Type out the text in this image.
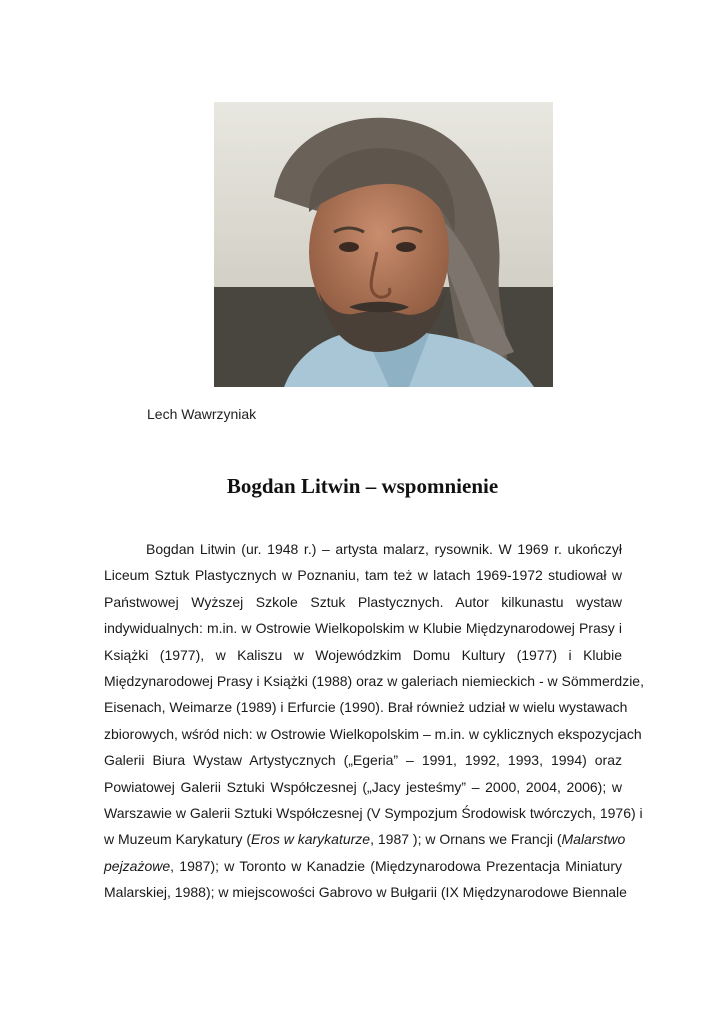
Lech Wawrzyniak
Bogdan Litwin – wspomnienie
Bogdan Litwin (ur. 1948 r.) – artysta malarz, rysownik. W 1969 r. ukończył
Liceum Sztuk Plastycznych w Poznaniu, tam też w latach 1969-1972 studiował w
Państwowej Wyższej Szkole Sztuk Plastycznych. Autor kilkunastu wystaw
indywidualnych: m.in. w Ostrowie Wielkopolskim w Klubie Międzynarodowej Prasy i
Książki (1977), w Kaliszu w Wojewódzkim Domu Kultury (1977) i Klubie
Międzynarodowej Prasy i Książki (1988) oraz w galeriach niemieckich - w Sömmerdzie,
Eisenach, Weimarze (1989) i Erfurcie (1990). Brał również udział w wielu wystawach
zbiorowych, wśród nich: w Ostrowie Wielkopolskim – m.in. w cyklicznych ekspozycjach
Galerii Biura Wystaw Artystycznych („Egeria” – 1991, 1992, 1993, 1994) oraz
Powiatowej Galerii Sztuki Współczesnej („Jacy jesteśmy” – 2000, 2004, 2006); w
Warszawie w Galerii Sztuki Współczesnej (V Sympozjum Środowisk twórczych, 1976) i
w Muzeum Karykatury (Eros w karykaturze, 1987 ); w Ornans we Francji (Malarstwo
pejzażowe, 1987); w Toronto w Kanadzie (Międzynarodowa Prezentacja Miniatury
Malarskiej, 1988); w miejscowości Gabrovo w Bułgarii (IX Międzynarodowe Biennale
